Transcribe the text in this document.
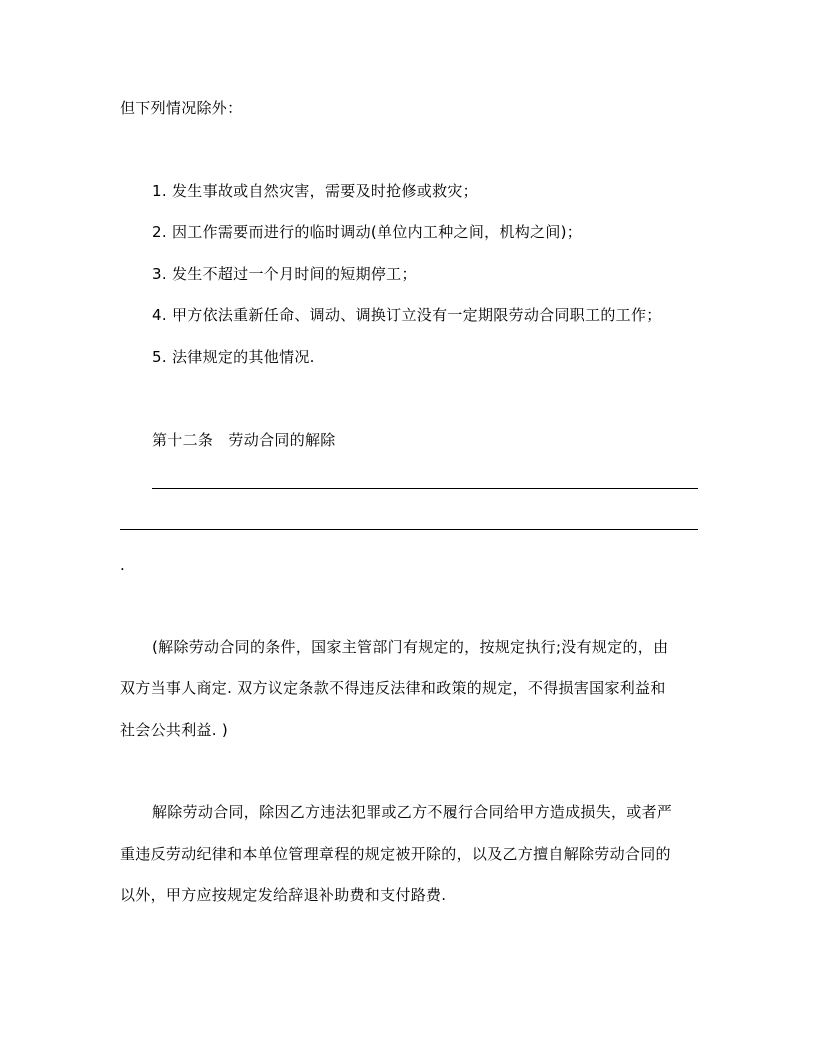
但下列情况除外：

1. 发生事故或自然灾害，需要及时抢修或救灾；

2. 因工作需要而进行的临时调动(单位内工种之间，机构之间)；

3. 发生不超过一个月时间的短期停工；

4. 甲方依法重新任命、调动、调换订立没有一定期限劳动合同职工的工作；

5. 法律规定的其他情况.

第十二条　劳动合同的解除

.

(解除劳动合同的条件，国家主管部门有规定的，按规定执行;没有规定的，由

双方当事人商定. 双方议定条款不得违反法律和政策的规定，不得损害国家利益和

社会公共利益. )

解除劳动合同，除因乙方违法犯罪或乙方不履行合同给甲方造成损失，或者严

重违反劳动纪律和本单位管理章程的规定被开除的，以及乙方擅自解除劳动合同的

以外，甲方应按规定发给辞退补助费和支付路费.
